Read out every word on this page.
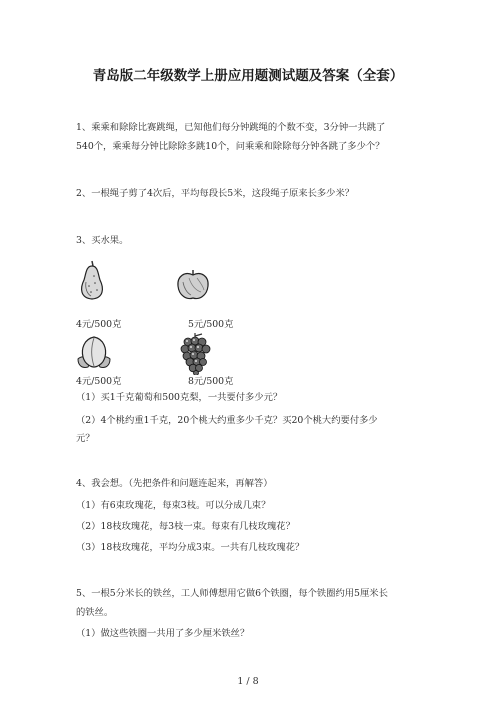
青岛版二年级数学上册应用题测试题及答案（全套）
1、乘乘和除除比赛跳绳，已知他们每分钟跳绳的个数不变，3分钟一共跳了
540个，乘乘每分钟比除除多跳10个，问乘乘和除除每分钟各跳了多少个？
2、一根绳子剪了4次后，平均每段长5米，这段绳子原来长多少米？
3、买水果。
4元/500克	5元/500克
4元/500克	8元/500克
（1）买1千克葡萄和500克梨，一共要付多少元？
（2）4个桃约重1千克，20个桃大约重多少千克？买20个桃大约要付多少
元？
4、我会想。（先把条件和问题连起来，再解答）
（1）有6束玫瑰花，每束3枝。可以分成几束？
（2）18枝玫瑰花，每3枝一束。每束有几枝玫瑰花？
（3）18枝玫瑰花，平均分成3束。一共有几枝玫瑰花？
5、一根5分米长的铁丝，工人师傅想用它做6个铁圈，每个铁圈约用5厘米长
的铁丝。
（1）做这些铁圈一共用了多少厘米铁丝？
1 / 8
